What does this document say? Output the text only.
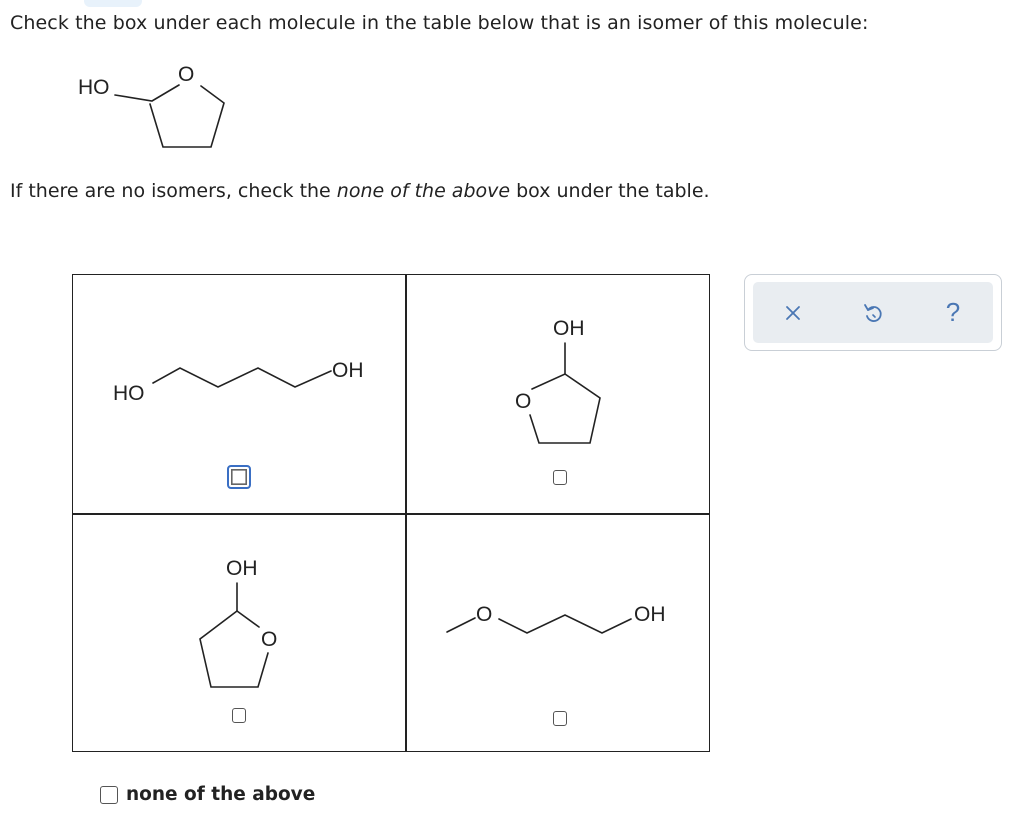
Check the box under each molecule in the table below that is an isomer of this molecule:
HO
O
If there are no isomers, check the none of the above box under the table.
HO
OH
OH
O
OH
O
O	OH
none of the above
?
